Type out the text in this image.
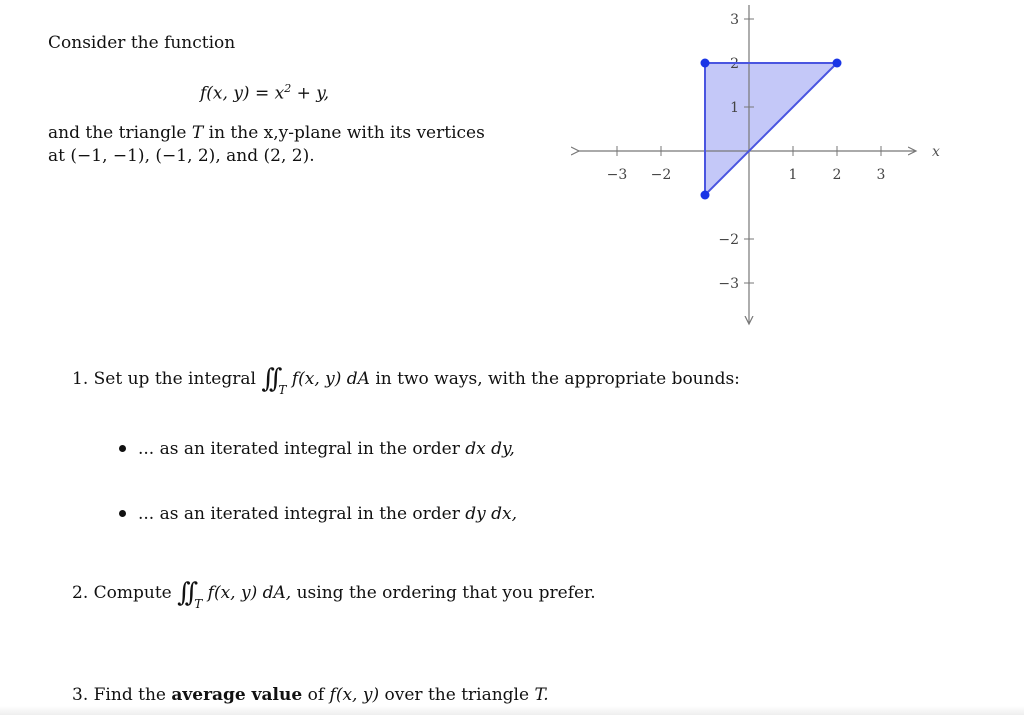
Consider the function
f(x, $y) = x^2 + y$,
and the triangle T in the x,y-plane with its vertices
at (−1, −1), (−1, 2), and (2, 2).
−3 −2	1	2	3
3
2
1
−2
−3
x
1. Set up the integral ∫∫ $_T$ f(x, y) dA in two ways, with the appropriate bounds:
... as an iterated integral in the order dx dy,
... as an iterated integral in the order dy dx,
2. Compute ∫∫ $_T$ f(x, y) dA, using the ordering that you prefer.
3. Find the average value of f(x, y) over the triangle T.
